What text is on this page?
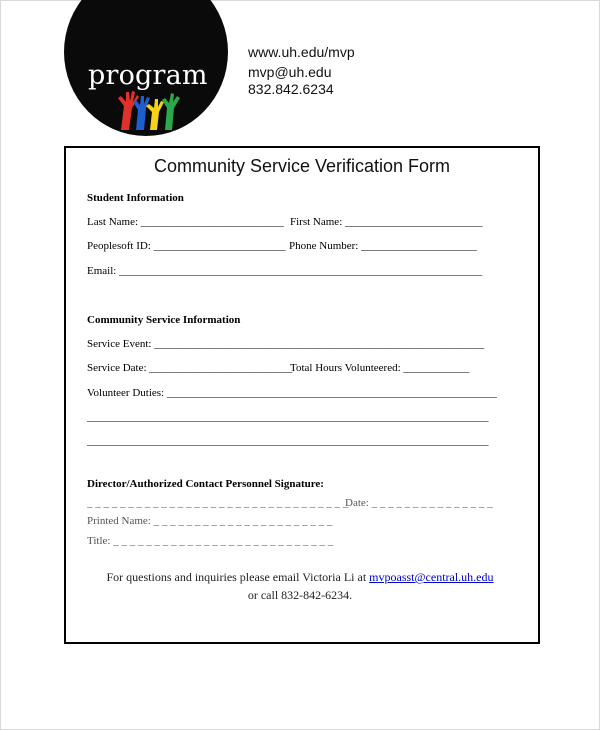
program
www.uh.edu/mvp
mvp@uh.edu
832.842.6234
Community Service Verification Form
Student Information
Last Name: __________________________ First Name: _________________________
Peoplesoft ID: ________________________ Phone Number: _____________________
Email: __________________________________________________________________
Community Service Information
Service Event: ____________________________________________________________
Service Date: __________________________
Total Hours Volunteered: ____________
Volunteer Duties: ____________________________________________________________
_________________________________________________________________________
_________________________________________________________________________
Director/Authorized Contact Personnel Signature:
_ _ _ _ _ _ _ _ _ _ _ _ _ _ _ _ _ _ _ _ _ _ _ _ _ _ _ _ _ _ _ _
Date: _ _ _ _ _ _ _ _ _ _ _ _ _ _ _
Printed Name: _ _ _ _ _ _ _ _ _ _ _ _ _ _ _ _ _ _ _ _ _ _
Title: _ _ _ _ _ _ _ _ _ _ _ _ _ _ _ _ _ _ _ _ _ _ _ _ _ _ _
For questions and inquiries please email Victoria Li at mvpoasst@central.uh.edu
or call 832-842-6234.
